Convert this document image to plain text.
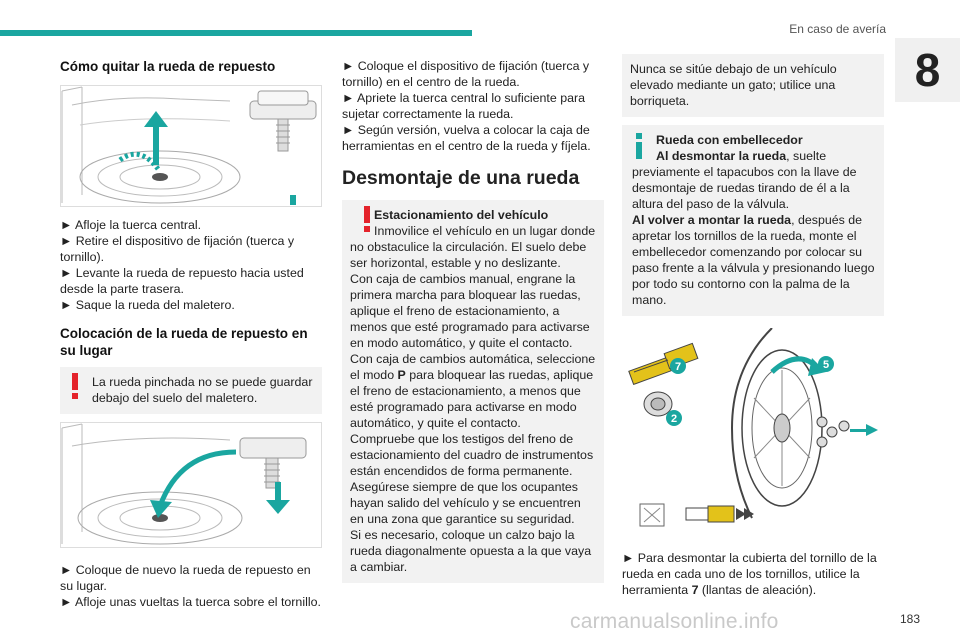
En caso de avería
8
Cómo quitar la rueda de repuesto
► Afloje la tuerca central.
► Retire el dispositivo de fijación (tuerca y tornillo).
► Levante la rueda de repuesto hacia usted desde la parte trasera.
► Saque la rueda del maletero.
Colocación de la rueda de repuesto en su lugar
La rueda pinchada no se puede guardar debajo del suelo del maletero.
► Coloque de nuevo la rueda de repuesto en su lugar.
► Afloje unas vueltas la tuerca sobre el tornillo.
► Coloque el dispositivo de fijación (tuerca y tornillo) en el centro de la rueda.
► Apriete la tuerca central lo suficiente para sujetar correctamente la rueda.
► Según versión, vuelva a colocar la caja de herramientas en el centro de la rueda y fíjela.
Desmontaje de una rueda
Estacionamiento del vehículo
Inmovilice el vehículo en un lugar donde no obstaculice la circulación. El suelo debe ser horizontal, estable y no deslizante.
Con caja de cambios manual, engrane la primera marcha para bloquear las ruedas, aplique el freno de estacionamiento, a menos que esté programado para activarse en modo automático, y quite el contacto.
Con caja de cambios automática, seleccione el modo P para bloquear las ruedas, aplique el freno de estacionamiento, a menos que esté programado para activarse en modo automático, y quite el contacto.
Compruebe que los testigos del freno de estacionamiento del cuadro de instrumentos están encendidos de forma permanente.
Asegúrese siempre de que los ocupantes hayan salido del vehículo y se encuentren en una zona que garantice su seguridad.
Si es necesario, coloque un calzo bajo la rueda diagonalmente opuesta a la que vaya a cambiar.
Nunca se sitúe debajo de un vehículo elevado mediante un gato; utilice una borriqueta.
Rueda con embellecedor
Al desmontar la rueda, suelte previamente el tapacubos con la llave de desmontaje de ruedas tirando de él a la altura del paso de la válvula.
Al volver a montar la rueda, después de apretar los tornillos de la rueda, monte el embellecedor comenzando por colocar su paso frente a la válvula y presionando luego por todo su contorno con la palma de la mano.
7
2
5
► Para desmontar la cubierta del tornillo de la rueda en cada uno de los tornillos, utilice la herramienta 7 (llantas de aleación).
carmanualsonline.info	183
